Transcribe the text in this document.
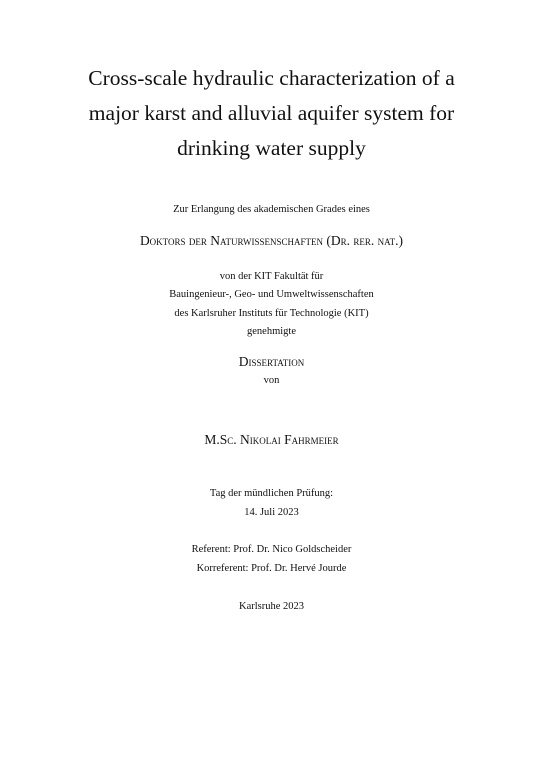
Cross-scale hydraulic characterization of a
major karst and alluvial aquifer system for
drinking water supply
Zur Erlangung des akademischen Grades eines
Doktors der Naturwissenschaften (Dr. rer. nat.)
von der KIT Fakultät für
Bauingenieur-, Geo- und Umweltwissenschaften
des Karlsruher Instituts für Technologie (KIT)
genehmigte
Dissertation
von
M.Sc. Nikolai Fahrmeier
Tag der mündlichen Prüfung:
14. Juli 2023
Referent: Prof. Dr. Nico Goldscheider
Korreferent: Prof. Dr. Hervé Jourde
Karlsruhe 2023
